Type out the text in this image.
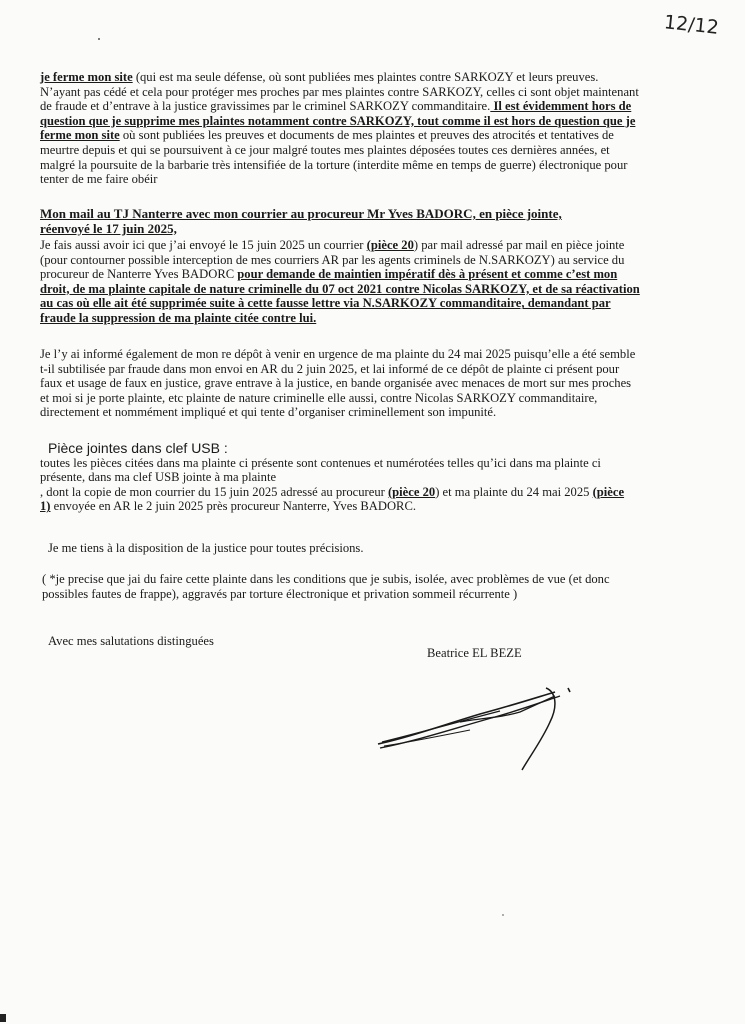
12/12
je ferme mon site (qui est ma seule défense, où sont publiées mes plaintes contre SARKOZY et leurs preuves.
N’ayant pas cédé et cela pour protéger mes proches par mes plaintes contre SARKOZY, celles ci sont objet maintenant
de fraude et d’entrave à la justice gravissimes par le criminel SARKOZY commanditaire. Il est évidemment hors de
question que je supprime mes plaintes notamment contre SARKOZY, tout comme il est hors de question que je
ferme mon site où sont publiées les preuves et documents de mes plaintes et preuves des atrocités et tentatives de
meurtre depuis et qui se poursuivent à ce jour malgré toutes mes plaintes déposées toutes ces dernières années, et
malgré la poursuite de la barbarie très intensifiée de la torture (interdite même en temps de guerre) électronique pour
tenter de me faire obéir
Mon mail au TJ Nanterre avec mon courrier au procureur Mr Yves BADORC, en pièce jointe,
réenvoyé le 17 juin 2025,
Je fais aussi avoir ici que j’ai envoyé le 15 juin 2025 un courrier (pièce 20) par mail adressé par mail en pièce jointe
(pour contourner possible interception de mes courriers AR par les agents criminels de N.SARKOZY) au service du
procureur de Nanterre Yves BADORC pour demande de maintien impératif dès à présent et comme c’est mon
droit, de ma plainte capitale de nature criminelle du 07 oct 2021 contre Nicolas SARKOZY, et de sa réactivation
au cas où elle ait été supprimée suite à cette fausse lettre via N.SARKOZY commanditaire, demandant par
fraude la suppression de ma plainte citée contre lui.
Je l’y ai informé également de mon re dépôt à venir en urgence de ma plainte du 24 mai 2025 puisqu’elle a été semble
t-il subtilisée par fraude dans mon envoi en AR du 2 juin 2025, et lai informé de ce dépôt de plainte ci présent pour
faux et usage de faux en justice, grave entrave à la justice, en bande organisée avec menaces de mort sur mes proches
et moi si je porte plainte, etc plainte de nature criminelle elle aussi, contre Nicolas SARKOZY commanditaire,
directement et nommément impliqué et qui tente d’organiser criminellement son impunité.
Pièce jointes dans clef USB :
toutes les pièces citées dans ma plainte ci présente sont contenues et numérotées telles qu’ici dans ma plainte ci
présente, dans ma clef USB jointe à ma plainte
, dont la copie de mon courrier du 15 juin 2025 adressé au procureur (pièce 20) et ma plainte du 24 mai 2025 (pièce
1) envoyée en AR le 2 juin 2025 près procureur Nanterre, Yves BADORC.
Je me tiens à la disposition de la justice pour toutes précisions.
( *je precise que jai du faire cette plainte dans les conditions que je subis, isolée, avec problèmes de vue (et donc
possibles fautes de frappe), aggravés par torture électronique et privation sommeil récurrente )
Avec mes salutations distinguées
Beatrice EL BEZE
